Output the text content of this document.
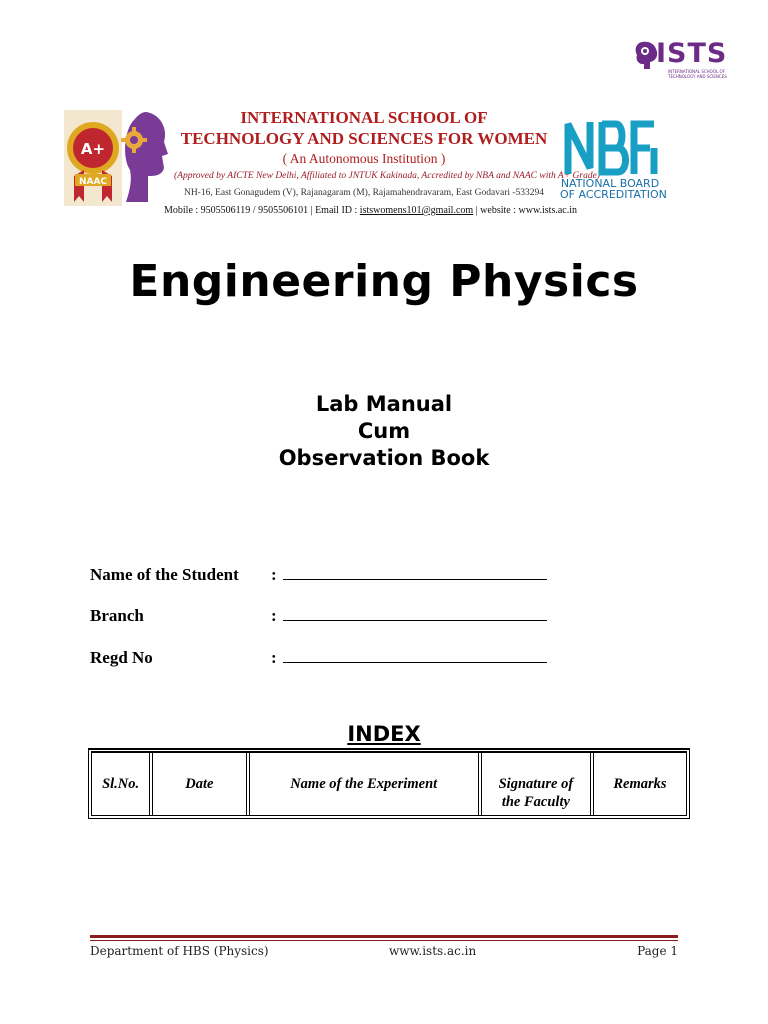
ISTS
INTERNATIONAL SCHOOL OF TECHNOLOGY AND SCIENCES
A+
NAAC
INTERNATIONAL SCHOOL OF
TECHNOLOGY AND SCIENCES FOR WOMEN
( An Autonomous Institution )
(Approved by AICTE New Delhi, Affiliated to JNTUK Kakinada, Accredited by NBA and NAAC with A+ Grade)
NH-16, East Gonagudem (V), Rajanagaram (M), Rajamahendravaram, East Godavari -533294
Mobile : 9505506119 / 9505506101 | Email ID : istswomens101@gmail.com | website : www.ists.ac.in
NATIONAL BOARD
OF ACCREDITATION
Engineering Physics
Lab Manual
Cum
Observation Book
Name of the Student :
Branch	:
Regd No	:
INDEX
Sl.No.	Date	Name of the Experiment	Signature of the Faculty	Remarks
Department of HBS (Physics)	www.ists.ac.in	Page 1
